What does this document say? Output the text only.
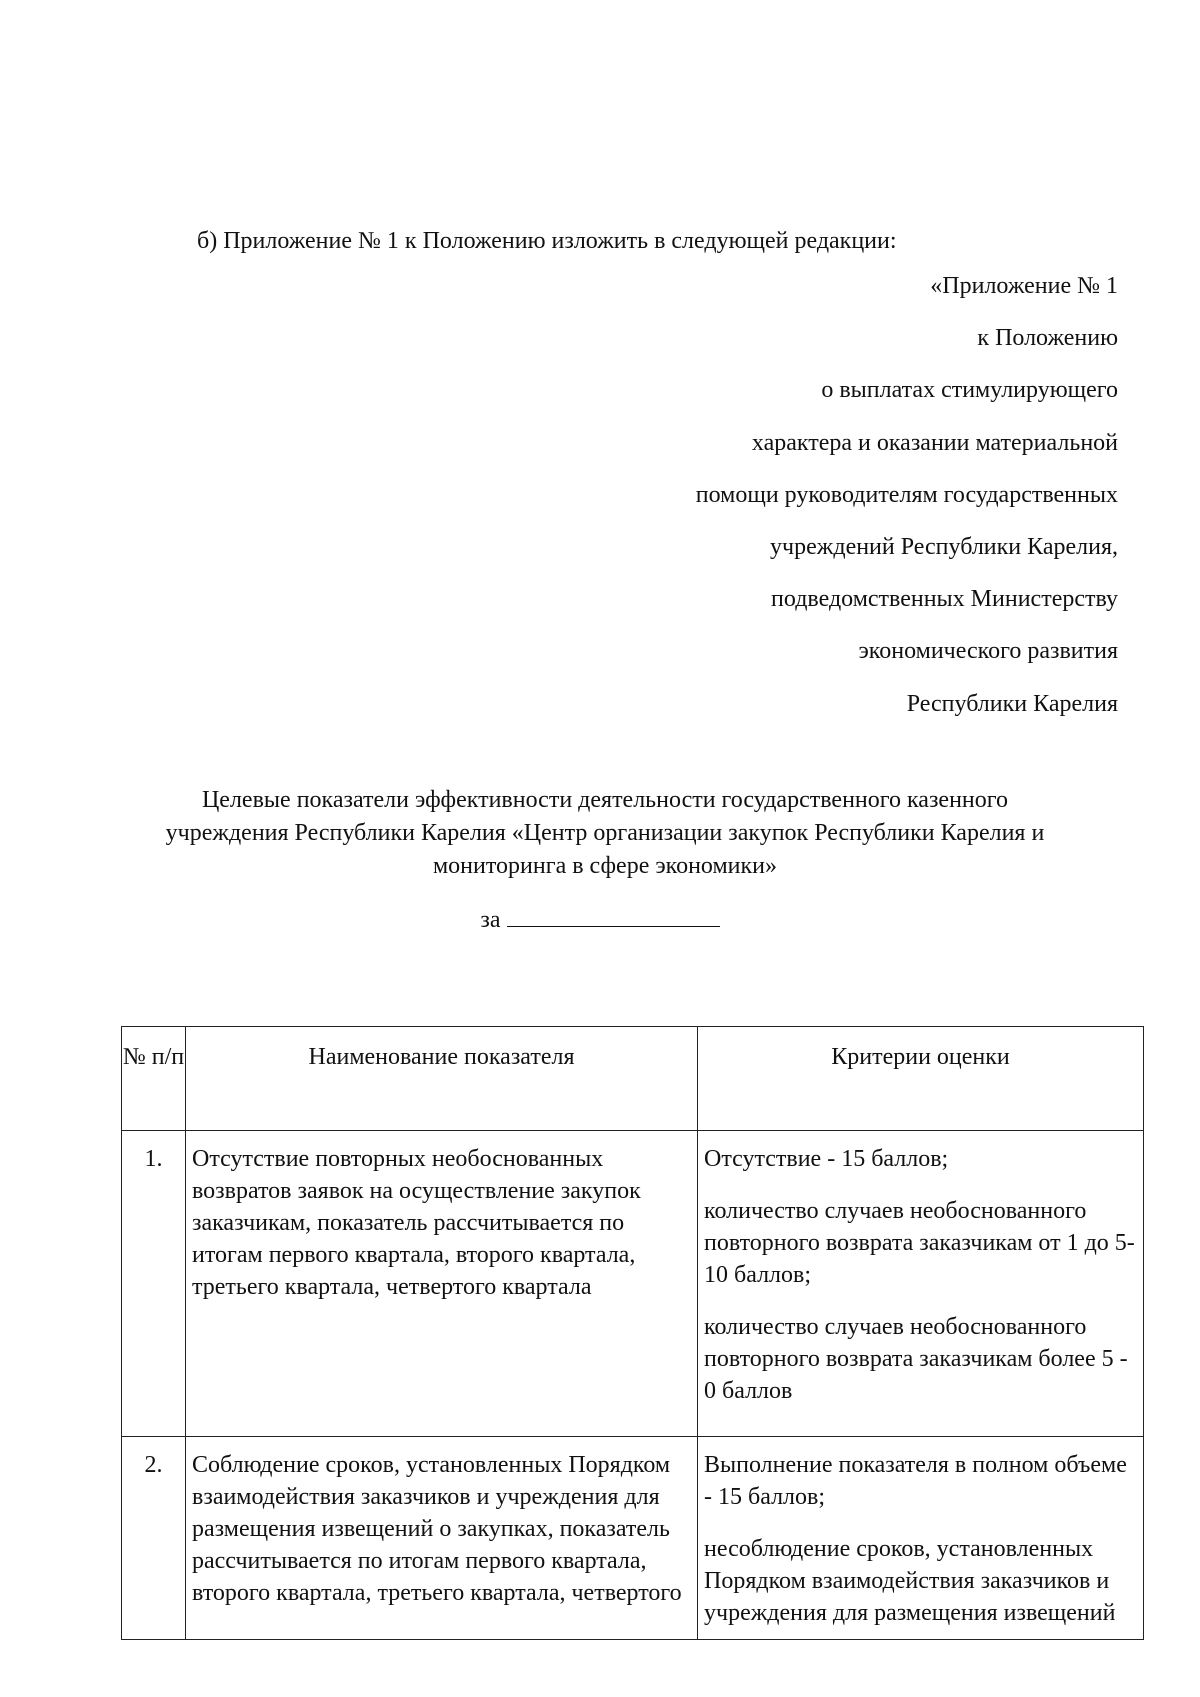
б) Приложение № 1 к Положению изложить в следующей редакции:
«Приложение № 1
к Положению
о выплатах стимулирующего
характера и оказании материальной
помощи руководителям государственных
учреждений Республики Карелия,
подведомственных Министерству
экономического развития
Республики Карелия
Целевые показатели эффективности деятельности государственного казенного учреждения Республики Карелия «Центр организации закупок Республики Карелия и мониторинга в сфере экономики»
за
№ п/п	Наименование показателя	Критерии оценки
1.	Отсутствие повторных необоснованных возвратов заявок на осуществление закупок заказчикам, показатель рассчитывается по итогам первого квартала, второго квартала, третьего квартала, четвертого квартала	Отсутствие - 15 баллов;

количество случаев необоснованного повторного возврата заказчикам от 1 до 5-10 баллов;

количество случаев необоснованного повторного возврата заказчикам более 5 - 0 баллов

2.	Соблюдение сроков, установленных Порядком взаимодействия заказчиков и учреждения для размещения извещений о закупках, показатель рассчитывается по итогам первого квартала, второго квартала, третьего квартала, четвертого	Выполнение показателя в полном объеме - 15 баллов;

несоблюдение сроков, установленных Порядком взаимодействия заказчиков и учреждения для размещения извещений
